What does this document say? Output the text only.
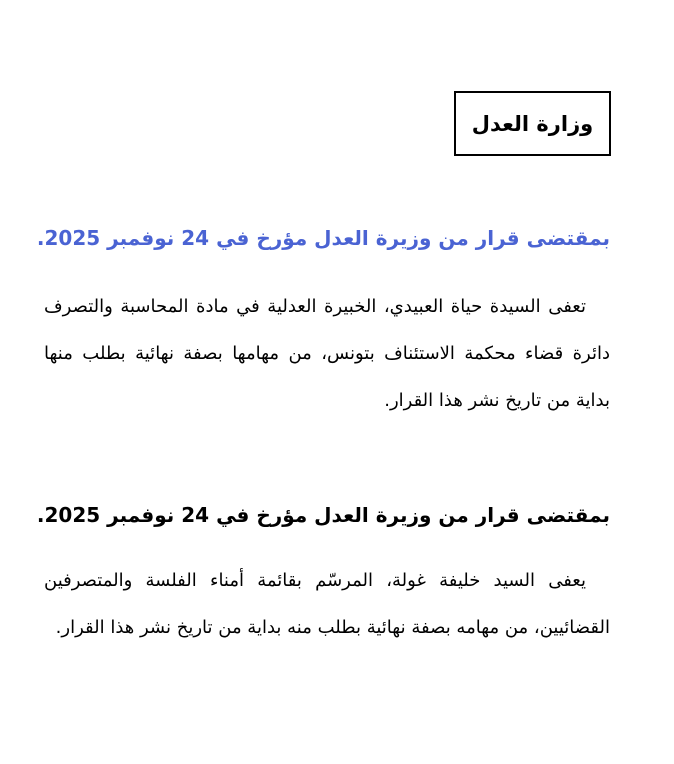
وزارة العدل
بمقتضى قرار من وزيرة العدل مؤرخ في 24 نوفمبر 2025.
تعفى السيدة حياة العبيدي، الخبيرة العدلية في مادة المحاسبة والتصرف دائرة قضاء محكمة الاستئناف بتونس، من مهامها بصفة نهائية بطلب منها بداية من تاريخ نشر هذا القرار.
بمقتضى قرار من وزيرة العدل مؤرخ في 24 نوفمبر 2025.
يعفى السيد خليفة غولة، المرسّم بقائمة أمناء الفلسة والمتصرفين القضائيين، من مهامه بصفة نهائية بطلب منه بداية من تاريخ نشر هذا القرار.
